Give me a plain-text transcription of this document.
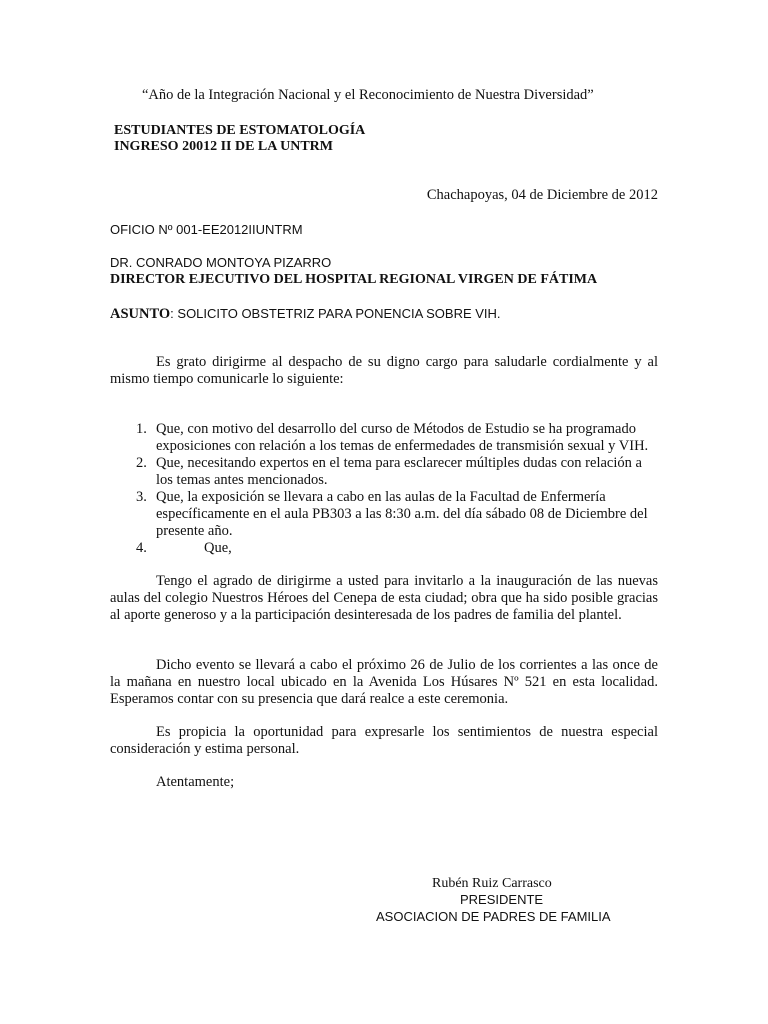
“Año de la Integración Nacional y el Reconocimiento de Nuestra Diversidad”

ESTUDIANTES DE ESTOMATOLOGÍA

INGRESO 20012 II DE LA UNTRM

Chachapoyas, 04 de Diciembre de 2012

OFICIO Nº 001-EE2012IIUNTRM

DR. CONRADO MONTOYA PIZARRO

DIRECTOR EJECUTIVO DEL HOSPITAL REGIONAL VIRGEN DE FÁTIMA

ASUNTO: SOLICITO OBSTETRIZ PARA PONENCIA SOBRE VIH.

Es grato dirigirme al despacho de su digno cargo para saludarle cordialmente y al mismo tiempo comunicarle lo siguiente:

1. Que, con motivo del desarrollo del curso de Métodos de Estudio se ha programado exposiciones con relación a los temas de enfermedades de transmisión sexual y VIH.
2. Que, necesitando expertos en el tema para esclarecer múltiples dudas con relación a los temas antes mencionados.
3. Que, la exposición se llevara a cabo en las aulas de la Facultad de Enfermería específicamente en el aula PB303 a las 8:30 a.m. del día sábado 08 de Diciembre del presente año.
4.	Que,

Tengo el agrado de dirigirme a usted para invitarlo a la inauguración de las nuevas aulas del colegio Nuestros Héroes del Cenepa de esta ciudad; obra que ha sido posible gracias al aporte generoso y a la participación desinteresada de los padres de familia del plantel.

Dicho evento se llevará a cabo el próximo 26 de Julio de los corrientes a las once de la mañana en nuestro local ubicado en la Avenida Los Húsares Nº 521 en esta localidad. Esperamos contar con su presencia que dará realce a este ceremonia.

Es propicia la oportunidad para expresarle los sentimientos de nuestra especial consideración y estima personal.

Atentamente;

Rubén Ruiz Carrasco

PRESIDENTE

ASOCIACION DE PADRES DE FAMILIA
